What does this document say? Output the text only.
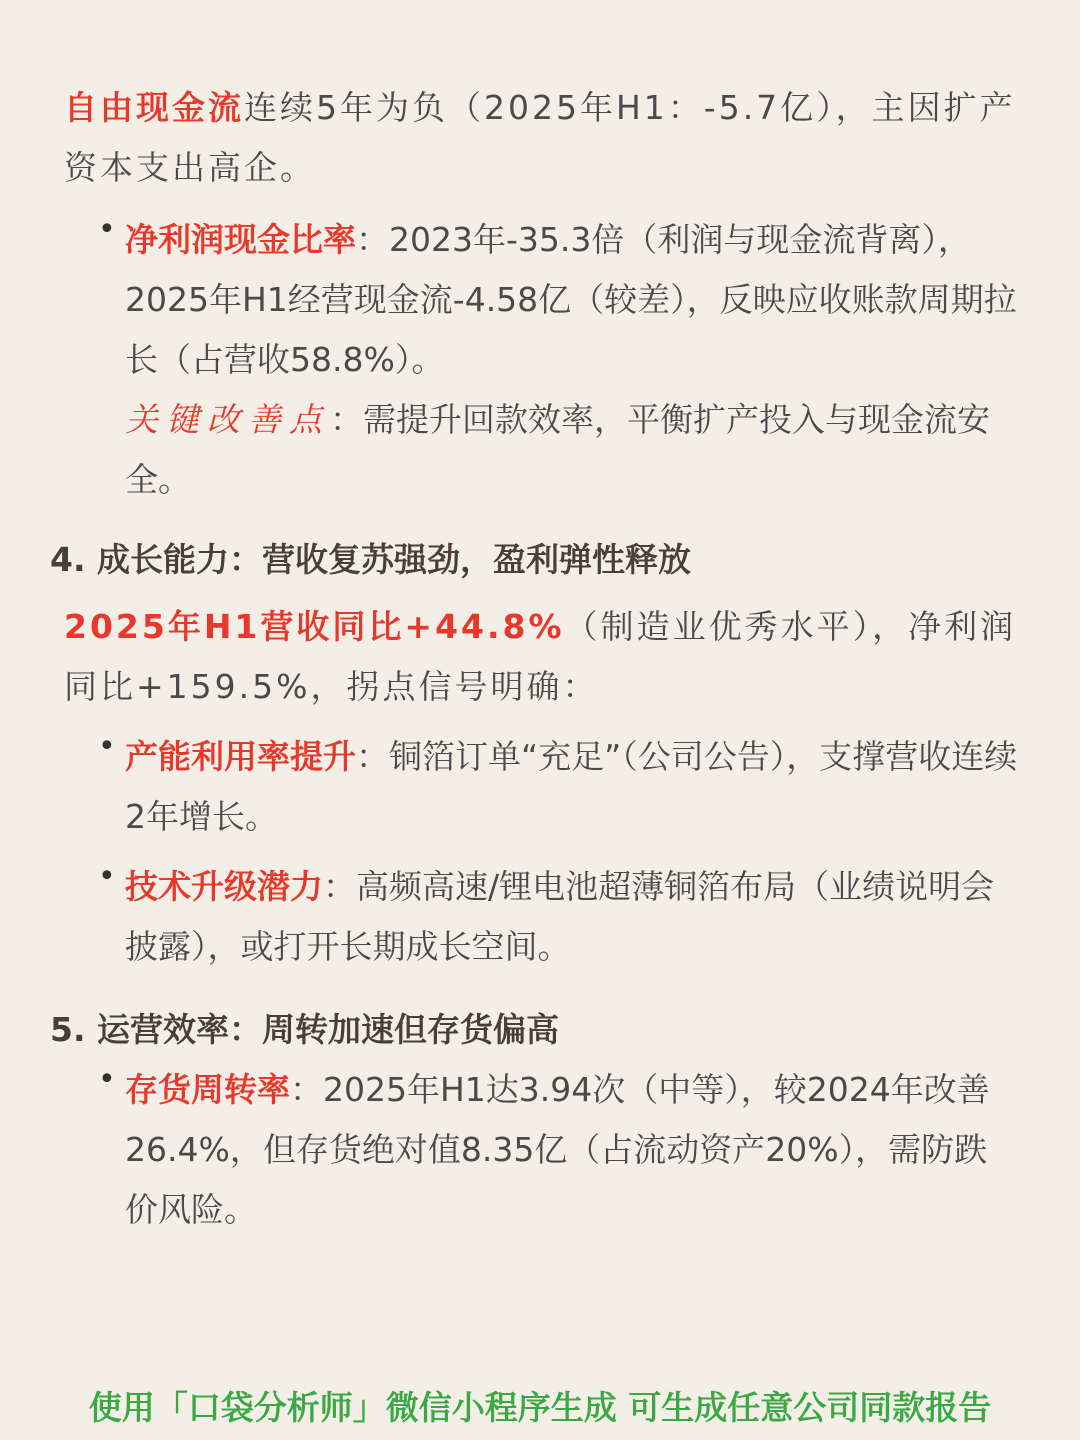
自由现金流连续5年为负（2025年H1：-5.7亿），主因扩产资本支出高企。

• 净利润现金比率：2023年-35.3倍（利润与现金流背离），2025年H1经营现金流-4.58亿（较差），反映应收账款周期拉长（占营收58.8%）。
关键改善点：需提升回款效率，平衡扩产投入与现金流安全。

4. 成长能力：营收复苏强劲，盈利弹性释放

2025年H1营收同比+44.8%（制造业优秀水平），净利润同比+159.5%，拐点信号明确：

• 产能利用率提升：铜箔订单“充足”（公司公告），支撑营收连续2年增长。
• 技术升级潜力：高频高速/锂电池超薄铜箔布局（业绩说明会披露），或打开长期成长空间。

5. 运营效率：周转加速但存货偏高

• 存货周转率：2025年H1达3.94次（中等），较2024年改善26.4%，但存货绝对值8.35亿（占流动资产20%），需防跌价风险。

使用「口袋分析师」微信小程序生成 可生成任意公司同款报告
